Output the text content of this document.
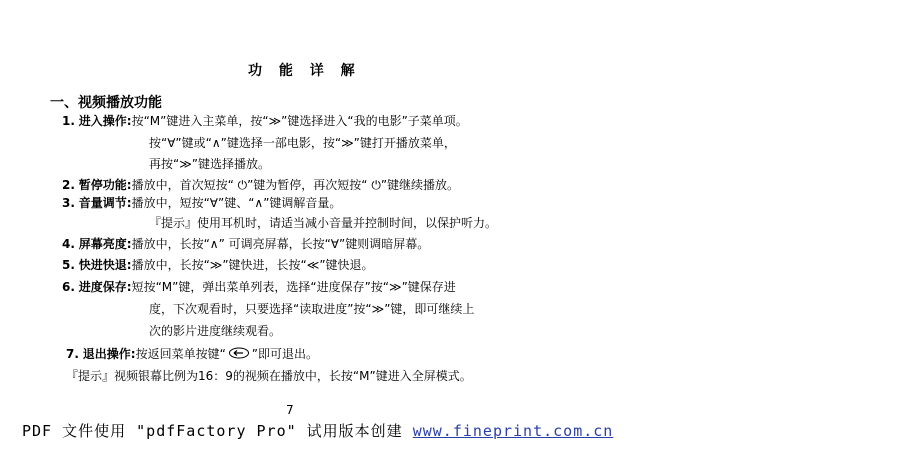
功 能 详 解
一、视频播放功能
1. 进入操作:按“M”键进入主菜单，按“≫”键选择进入“我的电影”子菜单项。
按“∀”键或“∧”键选择一部电影，按“≫”键打开播放菜单，
再按“≫”键选择播放。
2. 暂停功能:播放中，首次短按“ ⏻”键为暂停，再次短按“ ⏻”键继续播放。
3. 音量调节:播放中，短按“∀”键、“∧”键调解音量。
『提示』使用耳机时，请适当减小音量并控制时间，以保护听力。
4. 屏幕亮度:播放中，长按“∧” 可调亮屏幕，长按“∀”键则调暗屏幕。
5. 快进快退:播放中，长按“≫”键快进，长按“≪”键快退。
6. 进度保存:短按“M”键，弹出菜单列表，选择“进度保存”按“≫”键保存进
度，下次观看时，只要选择“读取进度”按“≫”键，即可继续上
次的影片进度继续观看。
7. 退出操作:按返回菜单按键“ ”即可退出。
『提示』视频银幕比例为16：9的视频在播放中，长按“M”键进入全屏模式。
7
PDF 文件使用 "pdfFactory Pro" 试用版本创建 www.fineprint.com.cn
